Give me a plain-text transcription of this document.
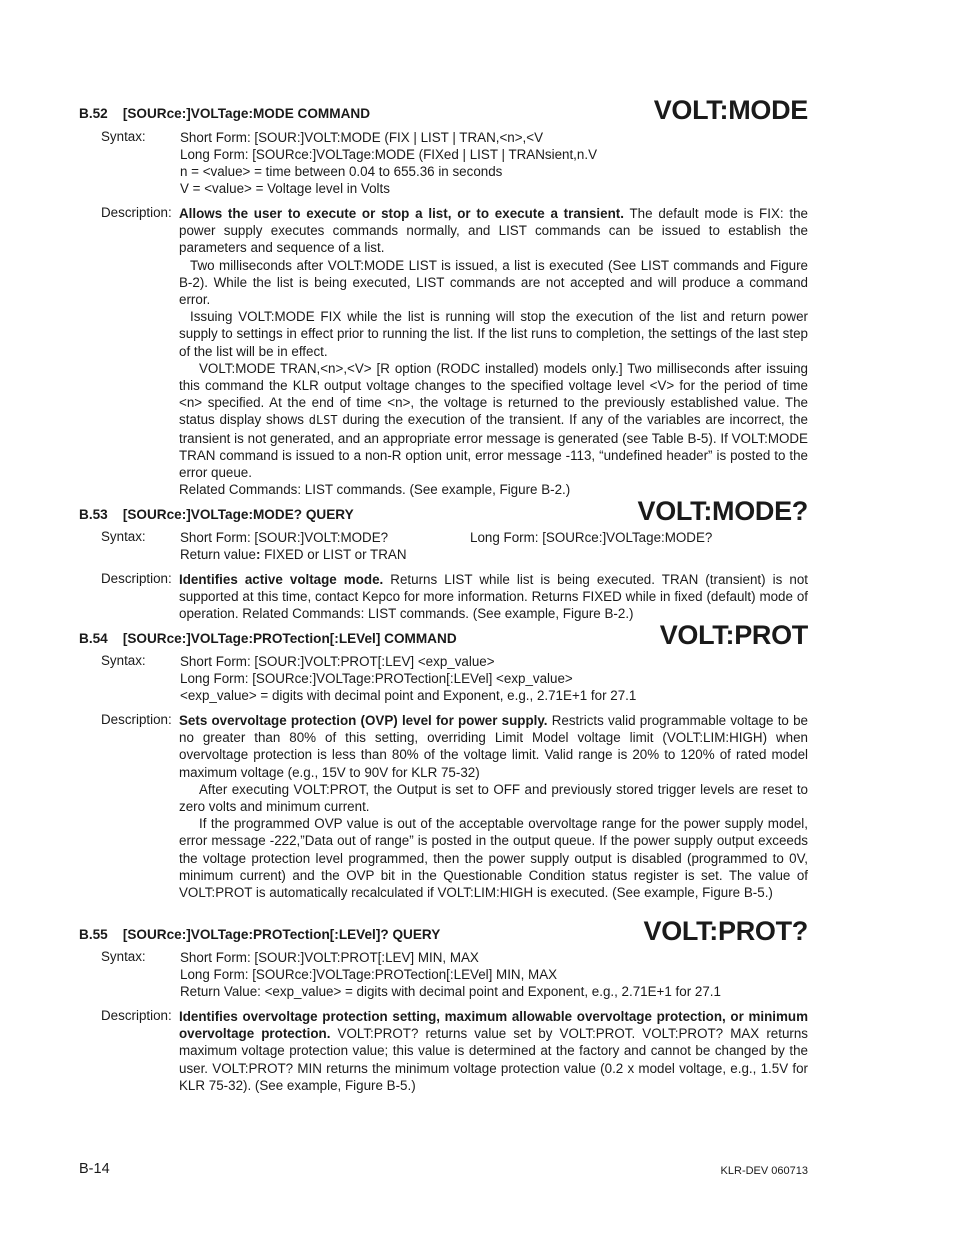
B.52    [SOURce:]VOLTage:MODE COMMAND	VOLT:MODE
Syntax:	Short Form: [SOUR:]VOLT:MODE (FIX | LIST | TRAN,<n>,<V
Long Form: [SOURce:]VOLTage:MODE (FIXed | LIST | TRANsient,n.V
n = <value> = time between 0.04 to 655.36 in seconds
V = <value> = Voltage level in Volts
Description: Allows the user to execute or stop a list, or to execute a transient. The default mode is FIX: the power supply executes commands normally, and LIST commands can be issued to establish the parameters and sequence of a list.

Two milliseconds after VOLT:MODE LIST is issued, a list is executed (See LIST commands and Figure B-2). While the list is being executed, LIST commands are not accepted and will produce a command error.

Issuing VOLT:MODE FIX while the list is running will stop the execution of the list and return power supply to settings in effect prior to running the list. If the list runs to completion, the settings of the last step of the list will be in effect.

VOLT:MODE TRAN,<n>,<V> [R option (RODC installed) models only.] Two milliseconds after issuing this command the KLR output voltage changes to the specified voltage level <V> for the period of time <n> specified. At the end of time <n>, the voltage is returned to the previously established value. The status display shows dLST during the execution of the transient. If any of the variables are incorrect, the transient is not generated, and an appropriate error message is generated (see Table B-5). If VOLT:MODE TRAN command is issued to a non-R option unit, error message -113, “undefined header” is posted to the error queue.

Related Commands: LIST commands. (See example, Figure B-2.)

B.53    [SOURce:]VOLTage:MODE? QUERY	VOLT:MODE?
Syntax:	Short Form: [SOUR:]VOLT:MODE?	Long Form: [SOURce:]VOLTage:MODE?
Return value: FIXED or LIST or TRAN
Description: Identifies active voltage mode. Returns LIST while list is being executed. TRAN (transient) is not supported at this time, contact Kepco for more information. Returns FIXED while in fixed (default) mode of operation. Related Commands: LIST commands. (See example, Figure B-2.)

B.54    [SOURce:]VOLTage:PROTection[:LEVel] COMMAND	VOLT:PROT
Syntax:	Short Form: [SOUR:]VOLT:PROT[:LEV] <exp_value>
Long Form: [SOURce:]VOLTage:PROTection[:LEVel] <exp_value>
<exp_value> = digits with decimal point and Exponent, e.g., 2.71E+1 for 27.1
Description: Sets overvoltage protection (OVP) level for power supply. Restricts valid programmable voltage to be no greater than 80% of this setting, overriding Limit Model voltage limit (VOLT:LIM:HIGH) when overvoltage protection is less than 80% of the voltage limit. Valid range is 20% to 120% of rated model maximum voltage (e.g., 15V to 90V for KLR 75-32)

After executing VOLT:PROT, the Output is set to OFF and previously stored trigger levels are reset to zero volts and minimum current.

If the programmed OVP value is out of the acceptable overvoltage range for the power supply model, error message -222,”Data out of range” is posted in the output queue. If the power supply output exceeds the voltage protection level programmed, then the power supply output is disabled (programmed to 0V, minimum current) and the OVP bit in the Questionable Condition status register is set. The value of VOLT:PROT is automatically recalculated if VOLT:LIM:HIGH is executed. (See example, Figure B-5.)

B.55    [SOURce:]VOLTage:PROTection[:LEVel]? QUERY	VOLT:PROT?
Syntax:	Short Form: [SOUR:]VOLT:PROT[:LEV] MIN, MAX
Long Form: [SOURce:]VOLTage:PROTection[:LEVel] MIN, MAX
Return Value: <exp_value> = digits with decimal point and Exponent, e.g., 2.71E+1 for 27.1
Description: Identifies overvoltage protection setting, maximum allowable overvoltage protection, or minimum overvoltage protection. VOLT:PROT? returns value set by VOLT:PROT. VOLT:PROT? MAX returns maximum voltage protection value; this value is determined at the factory and cannot be changed by the user. VOLT:PROT? MIN returns the minimum voltage protection value (0.2 x model voltage, e.g., 1.5V for KLR 75-32). (See example, Figure B-5.)

B-14	KLR-DEV 060713
